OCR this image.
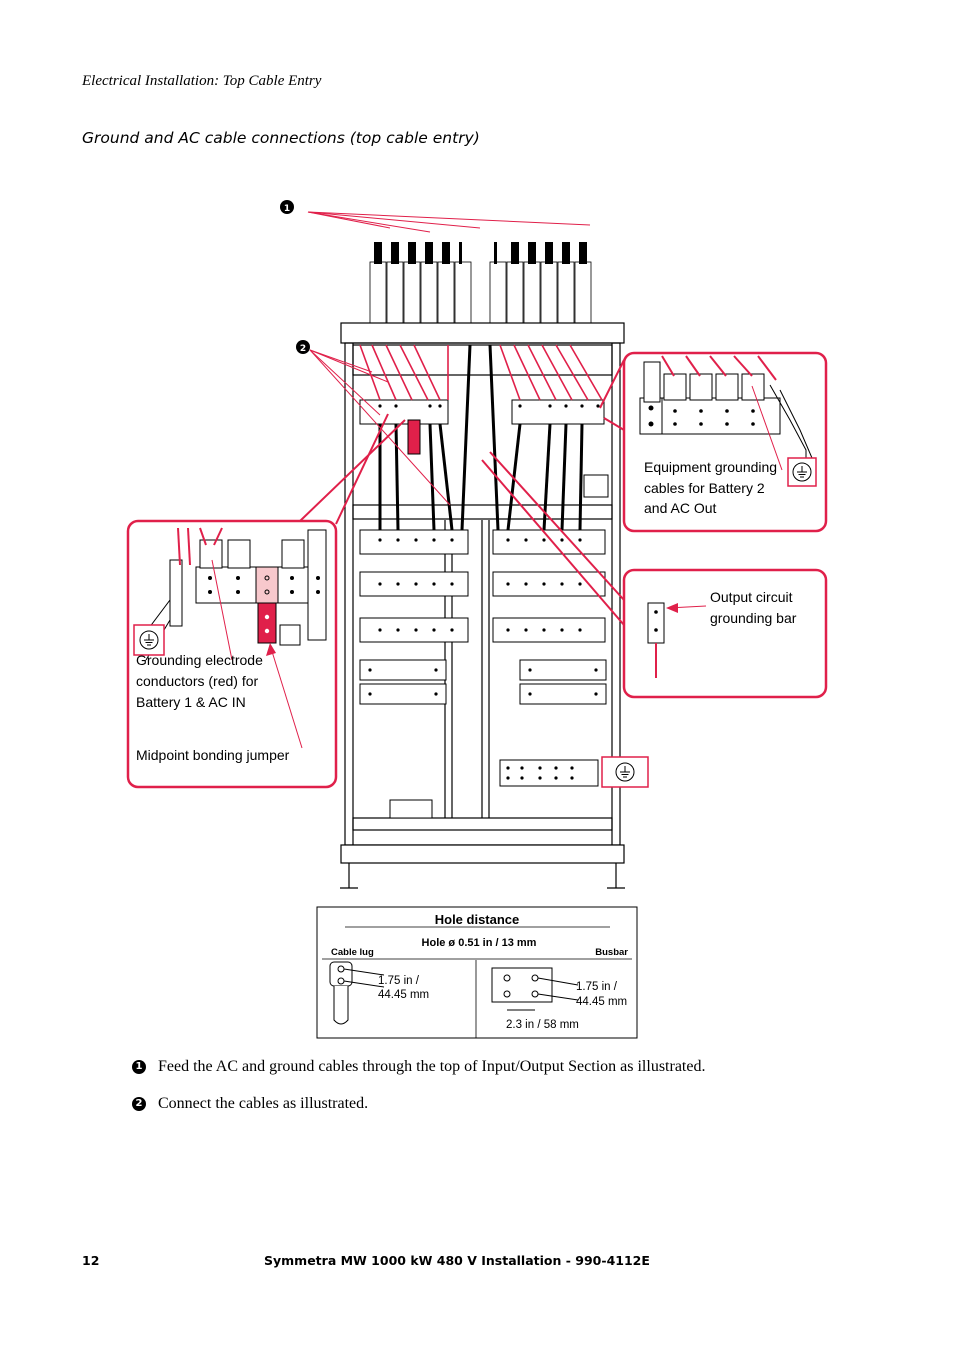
Electrical Installation: Top Cable Entry
Ground and AC cable connections (top cable entry)
1
2
Grounding electrode
conductors (red) for
Battery 1 & AC IN
Midpoint bonding jumper
Equipment grounding
cables for Battery 2
and AC Out
Output circuit
grounding bar
Hole distance
Hole ø 0.51 in / 13 mm
Cable lug	Busbar
1.75 in /
44.45 mm
1.75 in /
44.45 mm
2.3 in / 58 mm
1 Feed the AC and ground cables through the top of Input/Output Section as illustrated.
2 Connect the cables as illustrated.
12	Symmetra MW 1000 kW 480 V Installation - 990-4112E
